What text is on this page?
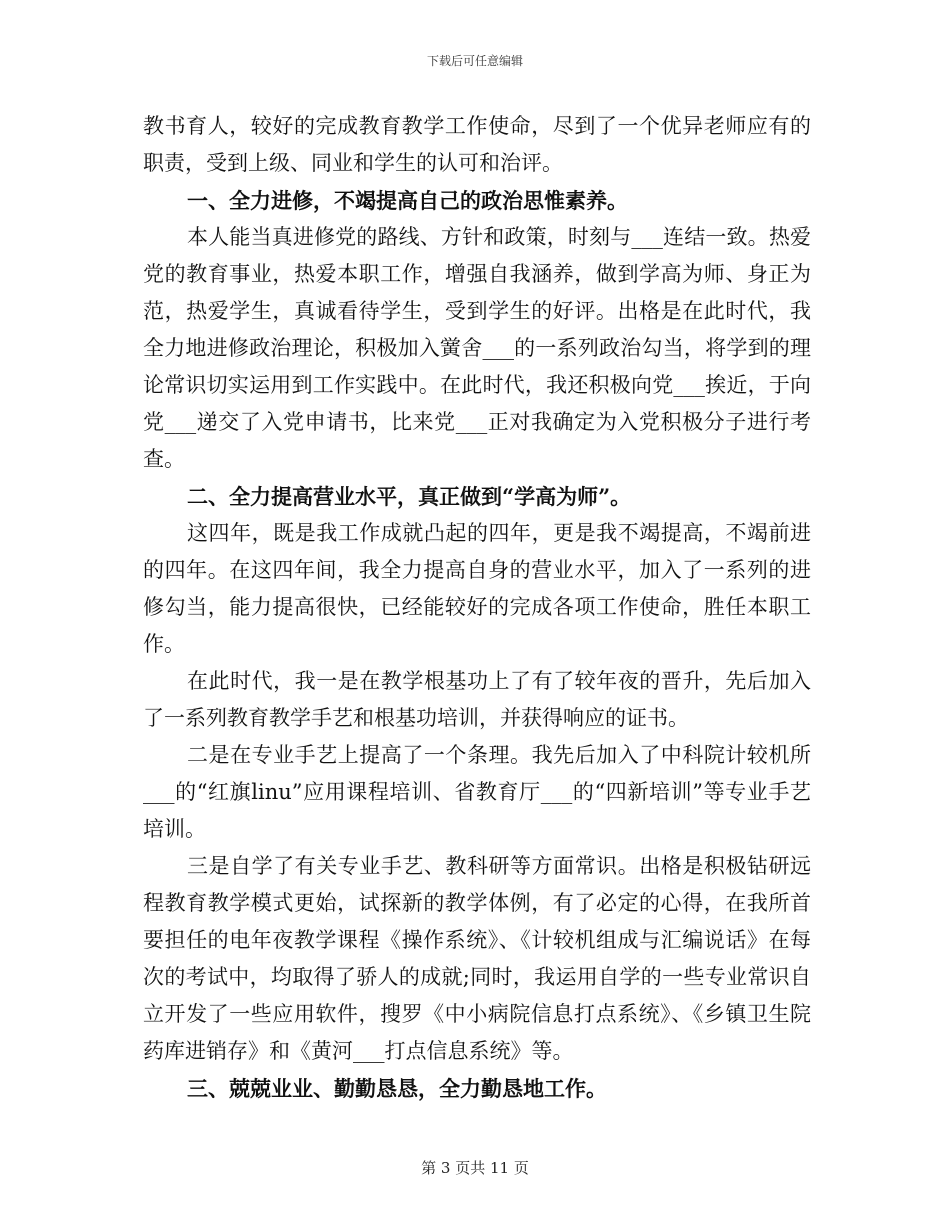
下载后可任意编辑

教书育人，较好的完成教育教学工作使命，尽到了一个优异老师应有的职责，受到上级、同业和学生的认可和治评。

一、全力进修，不竭提高自己的政治思惟素养。

本人能当真进修党的路线、方针和政策，时刻与___连结一致。热爱党的教育事业，热爱本职工作，增强自我涵养，做到学高为师、身正为范，热爱学生，真诚看待学生，受到学生的好评。出格是在此时代，我全力地进修政治理论，积极加入黉舍___的一系列政治勾当，将学到的理论常识切实运用到工作实践中。在此时代，我还积极向党___挨近，于向党___递交了入党申请书，比来党___正对我确定为入党积极分子进行考查。

二、全力提高营业水平，真正做到“学高为师”。

这四年，既是我工作成就凸起的四年，更是我不竭提高，不竭前进的四年。在这四年间，我全力提高自身的营业水平，加入了一系列的进修勾当，能力提高很快，已经能较好的完成各项工作使命，胜任本职工作。

在此时代，我一是在教学根基功上了有了较年夜的晋升，先后加入了一系列教育教学手艺和根基功培训，并获得响应的证书。

二是在专业手艺上提高了一个条理。我先后加入了中科院计较机所___的“红旗linu”应用课程培训、省教育厅___的“四新培训”等专业手艺培训。

三是自学了有关专业手艺、教科研等方面常识。出格是积极钻研远程教育教学模式更始，试探新的教学体例，有了必定的心得，在我所首要担任的电年夜教学课程《操作系统》、《计较机组成与汇编说话》在每次的考试中，均取得了骄人的成就;同时，我运用自学的一些专业常识自立开发了一些应用软件，搜罗《中小病院信息打点系统》、《乡镇卫生院药库进销存》和《黄河___打点信息系统》等。

三、兢兢业业、勤勤恳恳，全力勤恳地工作。

第 3 页共 11 页
